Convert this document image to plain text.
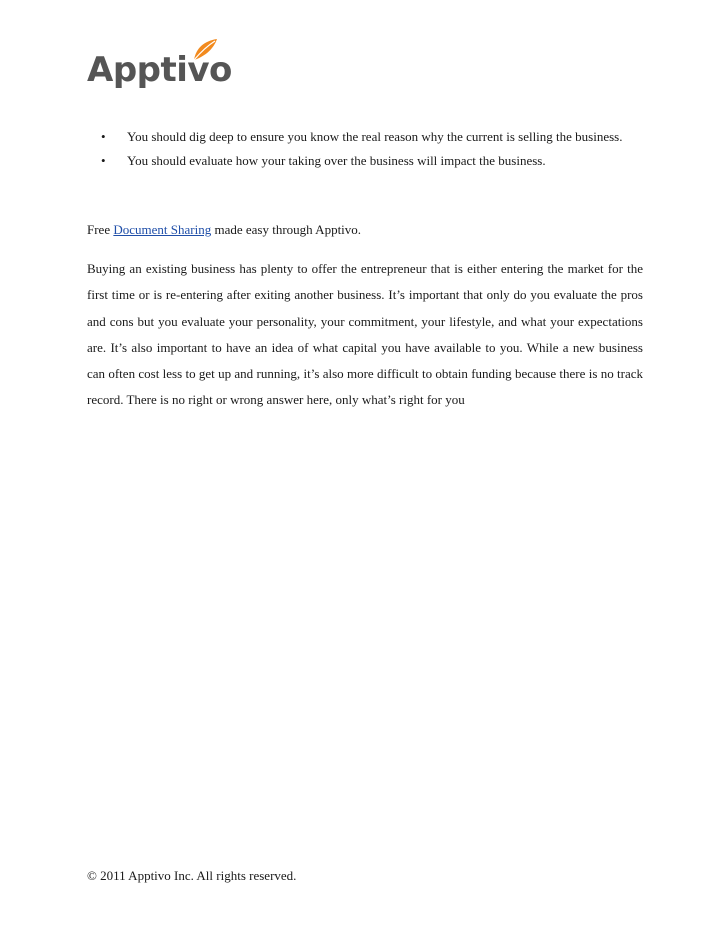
Apptivo
• You should dig deep to ensure you know the real reason why the current is selling the business.
• You should evaluate how your taking over the business will impact the business.

Free Document Sharing made easy through Apptivo.

Buying an existing business has plenty to offer the entrepreneur that is either entering the market for the first time or is re-entering after exiting another business. It’s important that only do you evaluate the pros and cons but you evaluate your personality, your commitment, your lifestyle, and what your expectations are. It’s also important to have an idea of what capital you have available to you. While a new business can often cost less to get up and running, it’s also more difficult to obtain funding because there is no track record. There is no right or wrong answer here, only what’s right for you

© 2011 Apptivo Inc. All rights reserved.
